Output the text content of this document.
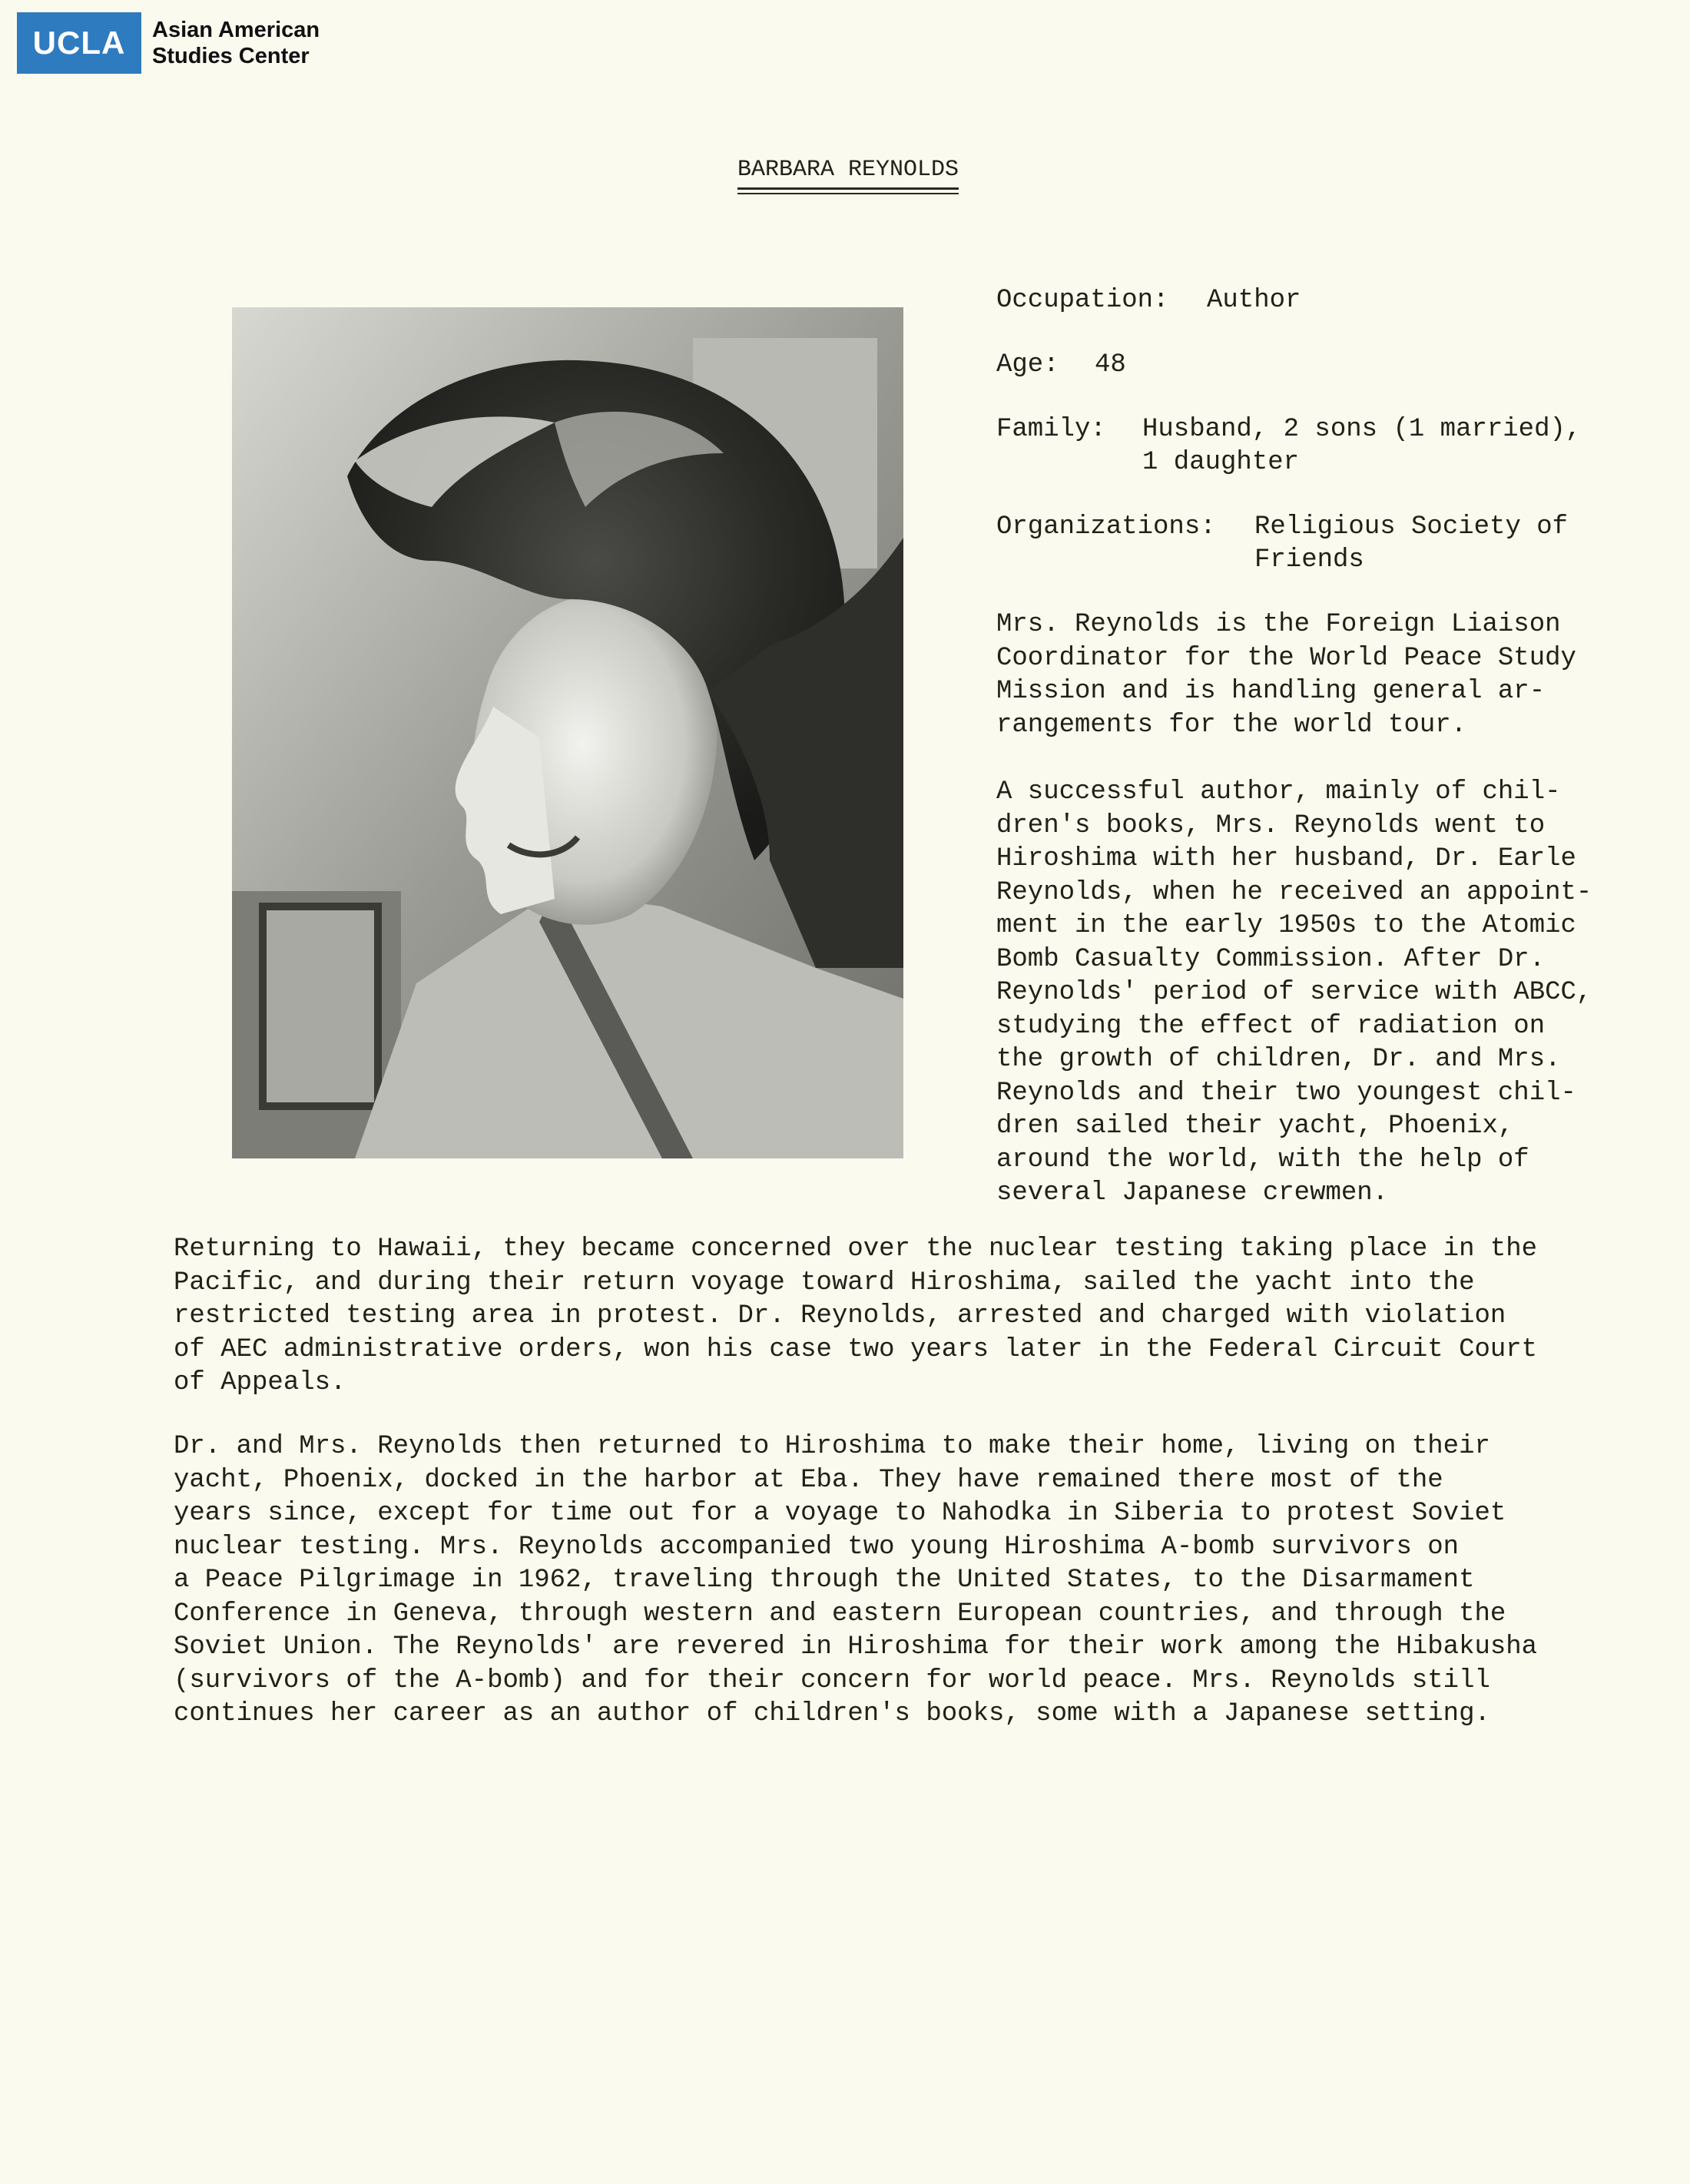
UCLA	Asian American
Studies Center
BARBARA REYNOLDS
Occupation:	Author
Age:	48
Family:	Husband, 2 sons (1 married),
1 daughter
Organizations:	Religious Society of
Friends
Mrs. Reynolds is the Foreign Liaison
Coordinator for the World Peace Study
Mission and is handling general ar-
rangements for the world tour.
A successful author, mainly of chil-
dren's books, Mrs. Reynolds went to
Hiroshima with her husband, Dr. Earle
Reynolds, when he received an appoint-
ment in the early 1950s to the Atomic
Bomb Casualty Commission. After Dr.
Reynolds' period of service with ABCC,
studying the effect of radiation on
the growth of children, Dr. and Mrs.
Reynolds and their two youngest chil-
dren sailed their yacht, Phoenix,
around the world, with the help of
several Japanese crewmen.
Returning to Hawaii, they became concerned over the nuclear testing taking place in the
Pacific, and during their return voyage toward Hiroshima, sailed the yacht into the
restricted testing area in protest. Dr. Reynolds, arrested and charged with violation
of AEC administrative orders, won his case two years later in the Federal Circuit Court
of Appeals.
Dr. and Mrs. Reynolds then returned to Hiroshima to make their home, living on their
yacht, Phoenix, docked in the harbor at Eba. They have remained there most of the
years since, except for time out for a voyage to Nahodka in Siberia to protest Soviet
nuclear testing. Mrs. Reynolds accompanied two young Hiroshima A-bomb survivors on
a Peace Pilgrimage in 1962, traveling through the United States, to the Disarmament
Conference in Geneva, through western and eastern European countries, and through the
Soviet Union. The Reynolds' are revered in Hiroshima for their work among the Hibakusha
(survivors of the A-bomb) and for their concern for world peace. Mrs. Reynolds still
continues her career as an author of children's books, some with a Japanese setting.
